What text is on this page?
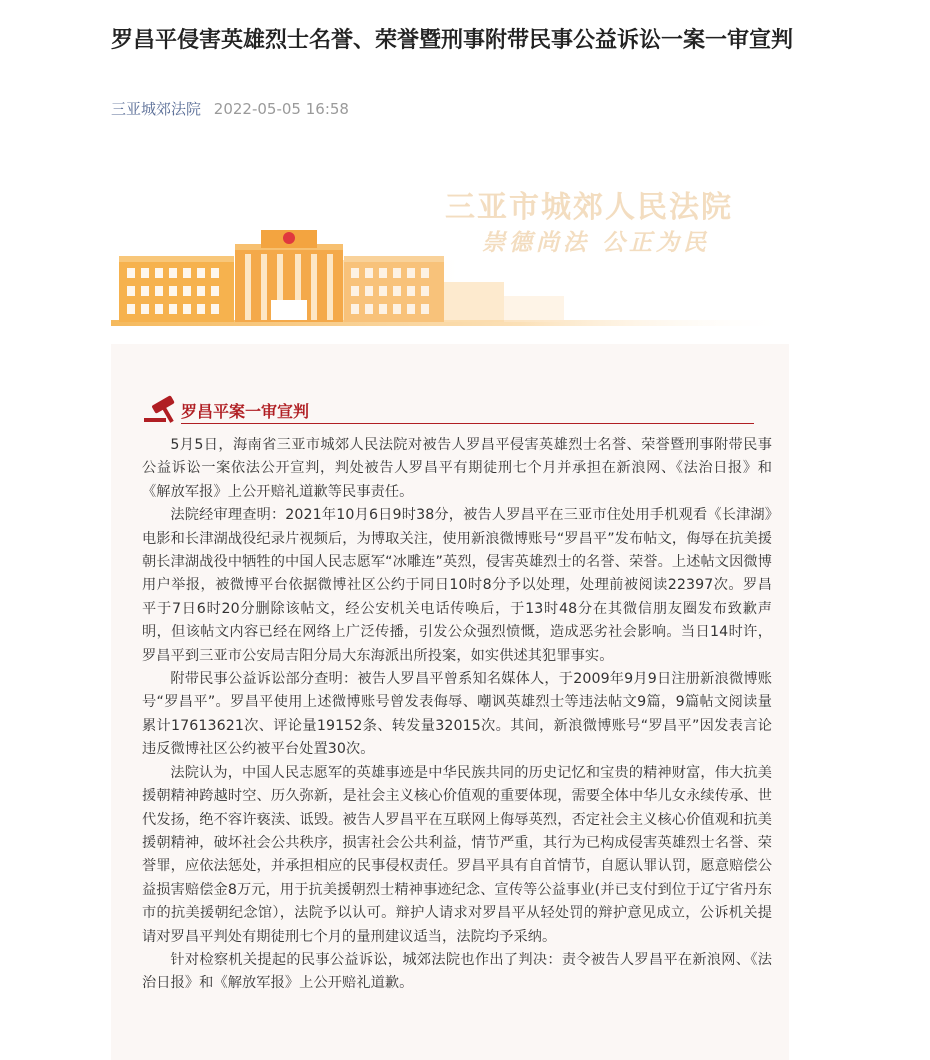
罗昌平侵害英雄烈士名誉、荣誉暨刑事附带民事公益诉讼一案一审宣判
三亚城郊法院 2022-05-05 16:58
三亚市城郊人民法院
崇德尚法 公正为民
罗昌平案一审宣判

5月5日，海南省三亚市城郊人民法院对被告人罗昌平侵害英雄烈士名誉、荣誉暨刑事附带民事公益诉讼一案依法公开宣判，判处被告人罗昌平有期徒刑七个月并承担在新浪网、《法治日报》和《解放军报》上公开赔礼道歉等民事责任。

法院经审理查明：2021年10月6日9时38分，被告人罗昌平在三亚市住处用手机观看《长津湖》电影和长津湖战役纪录片视频后，为博取关注，使用新浪微博账号“罗昌平”发布帖文，侮辱在抗美援朝长津湖战役中牺牲的中国人民志愿军“冰雕连”英烈，侵害英雄烈士的名誉、荣誉。上述帖文因微博用户举报，被微博平台依据微博社区公约于同日10时8分予以处理，处理前被阅读22397次。罗昌平于7日6时20分删除该帖文，经公安机关电话传唤后，于13时48分在其微信朋友圈发布致歉声明，但该帖文内容已经在网络上广泛传播，引发公众强烈愤慨，造成恶劣社会影响。当日14时许，罗昌平到三亚市公安局吉阳分局大东海派出所投案，如实供述其犯罪事实。

附带民事公益诉讼部分查明：被告人罗昌平曾系知名媒体人，于2009年9月9日注册新浪微博账号“罗昌平”。罗昌平使用上述微博账号曾发表侮辱、嘲讽英雄烈士等违法帖文9篇，9篇帖文阅读量累计17613621次、评论量19152条、转发量32015次。其间，新浪微博账号“罗昌平”因发表言论违反微博社区公约被平台处置30次。

法院认为，中国人民志愿军的英雄事迹是中华民族共同的历史记忆和宝贵的精神财富，伟大抗美援朝精神跨越时空、历久弥新，是社会主义核心价值观的重要体现，需要全体中华儿女永续传承、世代发扬，绝不容许亵渎、诋毁。被告人罗昌平在互联网上侮辱英烈，否定社会主义核心价值观和抗美援朝精神，破坏社会公共秩序，损害社会公共利益，情节严重，其行为已构成侵害英雄烈士名誉、荣誉罪，应依法惩处，并承担相应的民事侵权责任。罗昌平具有自首情节，自愿认罪认罚，愿意赔偿公益损害赔偿金8万元，用于抗美援朝烈士精神事迹纪念、宣传等公益事业(并已支付到位于辽宁省丹东市的抗美援朝纪念馆），法院予以认可。辩护人请求对罗昌平从轻处罚的辩护意见成立，公诉机关提请对罗昌平判处有期徒刑七个月的量刑建议适当，法院均予采纳。

针对检察机关提起的民事公益诉讼，城郊法院也作出了判决：责令被告人罗昌平在新浪网、《法治日报》和《解放军报》上公开赔礼道歉。
